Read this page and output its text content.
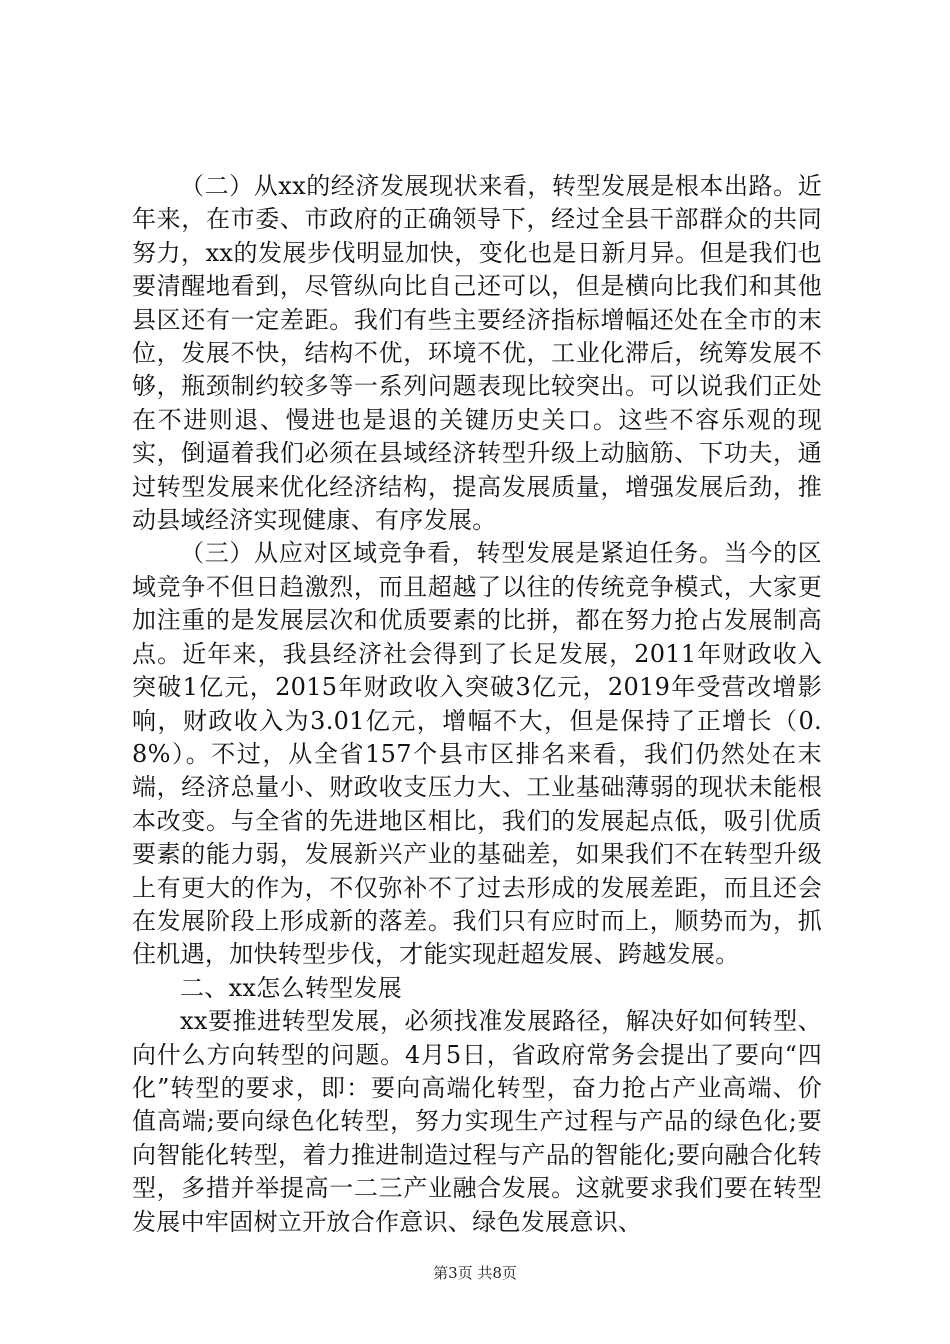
（二）从xx的经济发展现状来看，转型发展是根本出路。近年来，在市委、市政府的正确领导下，经过全县干部群众的共同努力，xx的发展步伐明显加快，变化也是日新月异。但是我们也要清醒地看到，尽管纵向比自己还可以，但是横向比我们和其他县区还有一定差距。我们有些主要经济指标增幅还处在全市的末位，发展不快，结构不优，环境不优，工业化滞后，统筹发展不够，瓶颈制约较多等一系列问题表现比较突出。可以说我们正处在不进则退、慢进也是退的关键历史关口。这些不容乐观的现实，倒逼着我们必须在县域经济转型升级上动脑筋、下功夫，通过转型发展来优化经济结构，提高发展质量，增强发展后劲，推动县域经济实现健康、有序发展。

（三）从应对区域竞争看，转型发展是紧迫任务。当今的区域竞争不但日趋激烈，而且超越了以往的传统竞争模式，大家更加注重的是发展层次和优质要素的比拼，都在努力抢占发展制高点。近年来，我县经济社会得到了长足发展，2011年财政收入突破1亿元，2015年财政收入突破3亿元，2019年受营改增影响，财政收入为3.01亿元，增幅不大，但是保持了正增长（0.8%）。不过，从全省157个县市区排名来看，我们仍然处在末端，经济总量小、财政收支压力大、工业基础薄弱的现状未能根本改变。与全省的先进地区相比，我们的发展起点低，吸引优质要素的能力弱，发展新兴产业的基础差，如果我们不在转型升级上有更大的作为，不仅弥补不了过去形成的发展差距，而且还会在发展阶段上形成新的落差。我们只有应时而上，顺势而为，抓住机遇，加快转型步伐，才能实现赶超发展、跨越发展。

二、xx怎么转型发展

xx要推进转型发展，必须找准发展路径，解决好如何转型、向什么方向转型的问题。4月5日，省政府常务会提出了要向“四化”转型的要求，即：要向高端化转型，奋力抢占产业高端、价值高端;要向绿色化转型，努力实现生产过程与产品的绿色化;要向智能化转型，着力推进制造过程与产品的智能化;要向融合化转型，多措并举提高一二三产业融合发展。这就要求我们要在转型发展中牢固树立开放合作意识、绿色发展意识、

第3页 共8页
